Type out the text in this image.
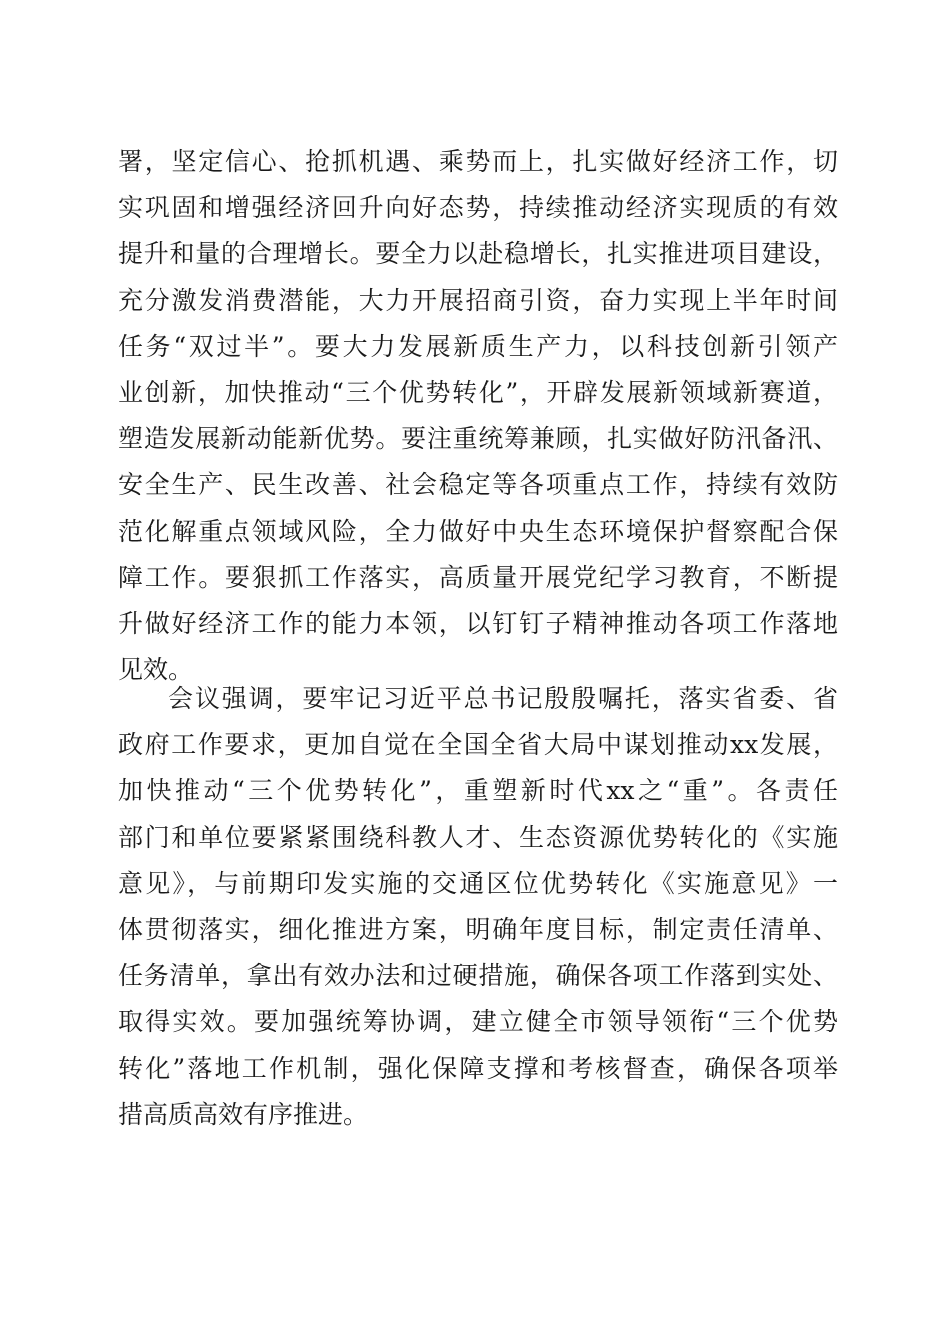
署，坚定信心、抢抓机遇、乘势而上，扎实做好经济工作，切
实巩固和增强经济回升向好态势，持续推动经济实现质的有效
提升和量的合理增长。要全力以赴稳增长，扎实推进项目建设，
充分激发消费潜能，大力开展招商引资，奋力实现上半年时间
任务“双过半”。要大力发展新质生产力，以科技创新引领产
业创新，加快推动“三个优势转化”，开辟发展新领域新赛道，
塑造发展新动能新优势。要注重统筹兼顾，扎实做好防汛备汛、
安全生产、民生改善、社会稳定等各项重点工作，持续有效防
范化解重点领域风险，全力做好中央生态环境保护督察配合保
障工作。要狠抓工作落实，高质量开展党纪学习教育，不断提
升做好经济工作的能力本领，以钉钉子精神推动各项工作落地
见效。
会议强调，要牢记习近平总书记殷殷嘱托，落实省委、省
政府工作要求，更加自觉在全国全省大局中谋划推动xx发展，
加快推动“三个优势转化”，重塑新时代xx之“重”。各责任
部门和单位要紧紧围绕科教人才、生态资源优势转化的《实施
意见》，与前期印发实施的交通区位优势转化《实施意见》一
体贯彻落实，细化推进方案，明确年度目标，制定责任清单、
任务清单，拿出有效办法和过硬措施，确保各项工作落到实处、
取得实效。要加强统筹协调，建立健全市领导领衔“三个优势
转化”落地工作机制，强化保障支撑和考核督查，确保各项举
措高质高效有序推进。
